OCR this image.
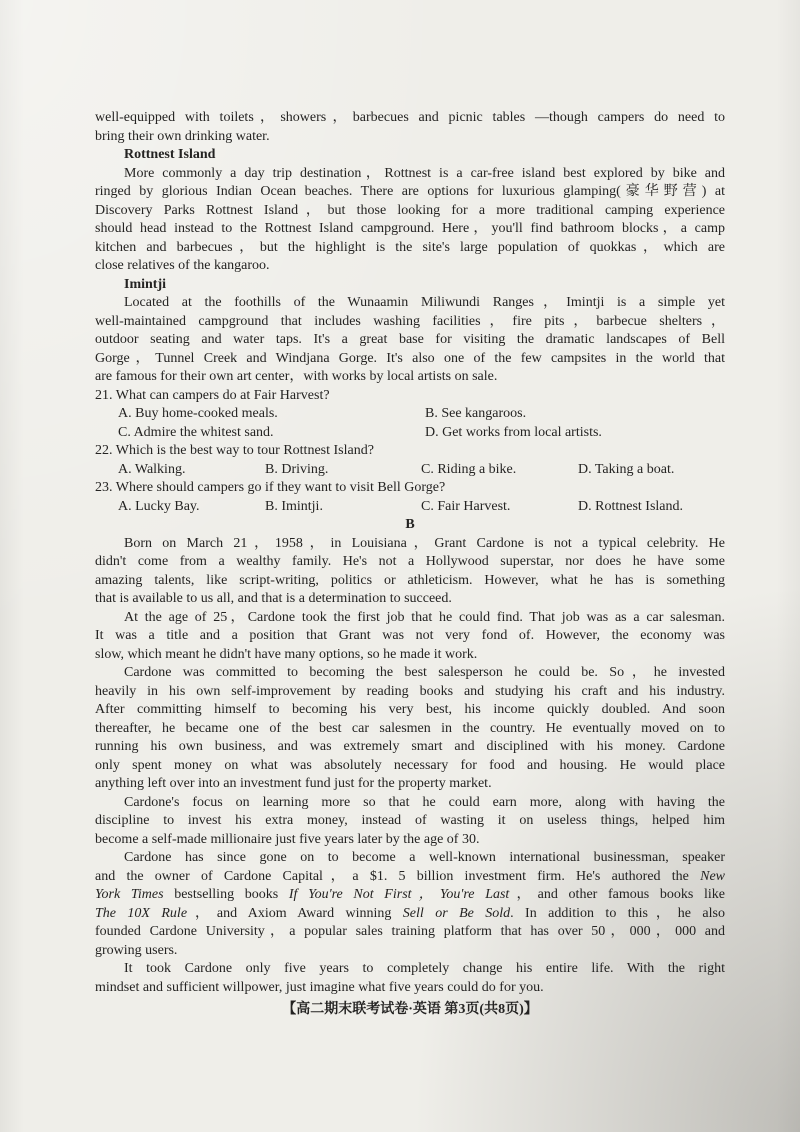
well-equipped with toilets，showers，barbecues and picnic tables —though campers do need to
bring their own drinking water.
Rottnest Island
More commonly a day trip destination，Rottnest is a car-free island best explored by bike and
ringed by glorious Indian Ocean beaches. There are options for luxurious glamping(豪华野营) at
Discovery Parks Rottnest Island，but those looking for a more traditional camping experience
should head instead to the Rottnest Island campground. Here，you'll find bathroom blocks，a camp
kitchen and barbecues，but the highlight is the site's large population of quokkas，which are
close relatives of the kangaroo.
Imintji
Located at the foothills of the Wunaamin Miliwundi Ranges，Imintji is a simple yet
well-maintained campground that includes washing facilities，fire pits，barbecue shelters，
outdoor seating and water taps. It's a great base for visiting the dramatic landscapes of Bell
Gorge，Tunnel Creek and Windjana Gorge. It's also one of the few campsites in the world that
are famous for their own art center，with works by local artists on sale.
21. What can campers do at Fair Harvest?
A. Buy home-cooked meals.	B. See kangaroos.
C. Admire the whitest sand.	D. Get works from local artists.
22. Which is the best way to tour Rottnest Island?
A. Walking.	B. Driving.	C. Riding a bike.	D. Taking a boat.
23. Where should campers go if they want to visit Bell Gorge?
A. Lucky Bay.	B. Imintji.	C. Fair Harvest.	D. Rottnest Island.
B
Born on March 21，1958，in Louisiana，Grant Cardone is not a typical celebrity. He
didn't come from a wealthy family. He's not a Hollywood superstar, nor does he have some
amazing talents, like script-writing, politics or athleticism. However, what he has is something
that is available to us all, and that is a determination to succeed.
At the age of 25，Cardone took the first job that he could find. That job was as a car salesman.
It was a title and a position that Grant was not very fond of. However, the economy was
slow, which meant he didn't have many options, so he made it work.
Cardone was committed to becoming the best salesperson he could be. So，he invested
heavily in his own self-improvement by reading books and studying his craft and his industry.
After committing himself to becoming his very best, his income quickly doubled. And soon
thereafter, he became one of the best car salesmen in the country. He eventually moved on to
running his own business, and was extremely smart and disciplined with his money. Cardone
only spent money on what was absolutely necessary for food and housing. He would place
anything left over into an investment fund just for the property market.
Cardone's focus on learning more so that he could earn more, along with having the
discipline to invest his extra money, instead of wasting it on useless things, helped him
become a self-made millionaire just five years later by the age of 30.
Cardone has since gone on to become a well-known international businessman, speaker
and the owner of Cardone Capital，a $1. 5 billion investment firm. He's authored the New
York Times bestselling books If You're Not First，You're Last，and other famous books like
The 10X Rule，and Axiom Award winning Sell or Be Sold. In addition to this，he also
founded Cardone University，a popular sales training platform that has over 50，000，000 and
growing users.
It took Cardone only five years to completely change his entire life. With the right
mindset and sufficient willpower, just imagine what five years could do for you.
【高二期末联考试卷·英语 第3页(共8页)】
